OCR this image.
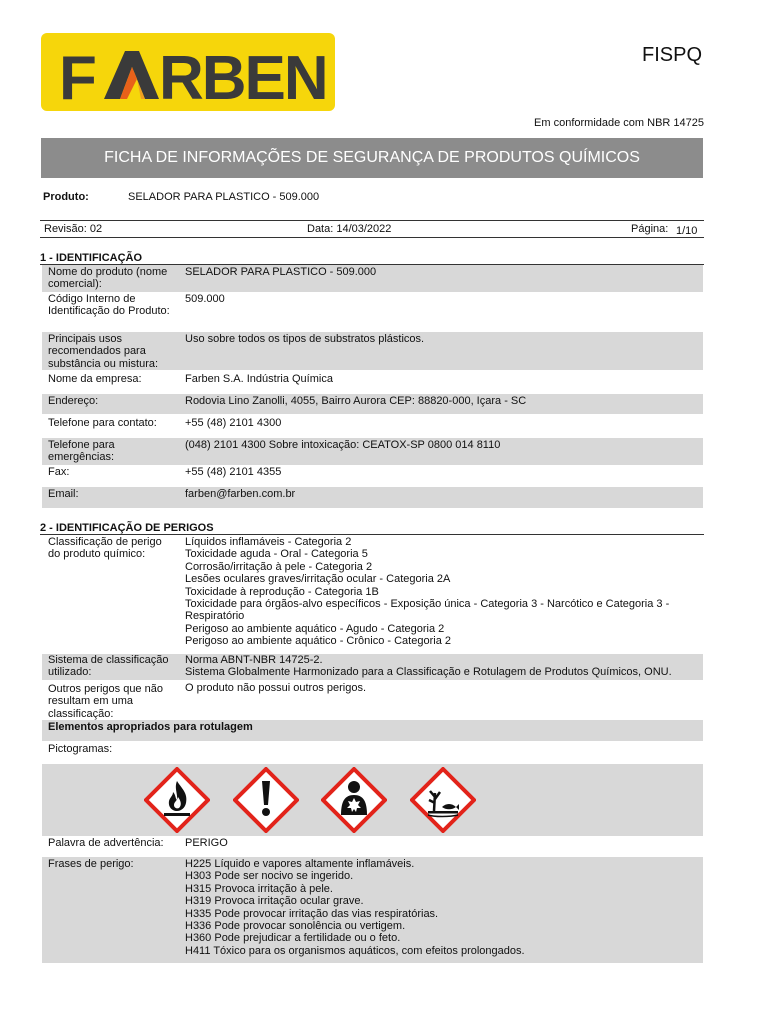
F RBEN	FISPQ
Em conformidade com NBR 14725
FICHA DE INFORMAÇÕES DE SEGURANÇA DE PRODUTOS QUÍMICOS
Produto:	SELADOR PARA PLASTICO - 509.000
Revisão: 02	Data: 14/03/2022	Página: 1/10
1 - IDENTIFICAÇÃO
Nome do produto (nome comercial):
SELADOR PARA PLASTICO - 509.000
Código Interno de Identificação do Produto:
509.000
Principais usos recomendados para substância ou mistura:
Uso sobre todos os tipos de substratos plásticos.
Nome da empresa:	Farben S.A. Indústria Química
Endereço:	Rodovia Lino Zanolli, 4055, Bairro Aurora CEP: 88820-000, Içara - SC
Telefone para contato:	+55 (48) 2101 4300
Telefone para emergências:
(048) 2101 4300 Sobre intoxicação: CEATOX-SP 0800 014 8110
Fax:	+55 (48) 2101 4355
Email:	farben@farben.com.br
2 - IDENTIFICAÇÃO DE PERIGOS
Classificação de perigo do produto químico:
Líquidos inflamáveis - Categoria 2
Toxicidade aguda - Oral - Categoria 5
Corrosão/irritação à pele - Categoria 2
Lesões oculares graves/irritação ocular - Categoria 2A
Toxicidade à reprodução - Categoria 1B
Toxicidade para órgãos-alvo específicos - Exposição única - Categoria 3 - Narcótico e Categoria 3 - Respiratório
Perigoso ao ambiente aquático - Agudo - Categoria 2
Perigoso ao ambiente aquático - Crônico - Categoria 2
Sistema de classificação utilizado:
Norma ABNT-NBR 14725-2.
Sistema Globalmente Harmonizado para a Classificação e Rotulagem de Produtos Químicos, ONU.
Outros perigos que não resultam em uma classificação:
O produto não possui outros perigos.
Elementos apropriados para rotulagem
Pictogramas:
Palavra de advertência:	PERIGO
Frases de perigo:	H225 Líquido e vapores altamente inflamáveis.
H303 Pode ser nocivo se ingerido.
H315 Provoca irritação à pele.
H319 Provoca irritação ocular grave.
H335 Pode provocar irritação das vias respiratórias.
H336 Pode provocar sonolência ou vertigem.
H360 Pode prejudicar a fertilidade ou o feto.
H411 Tóxico para os organismos aquáticos, com efeitos prolongados.
